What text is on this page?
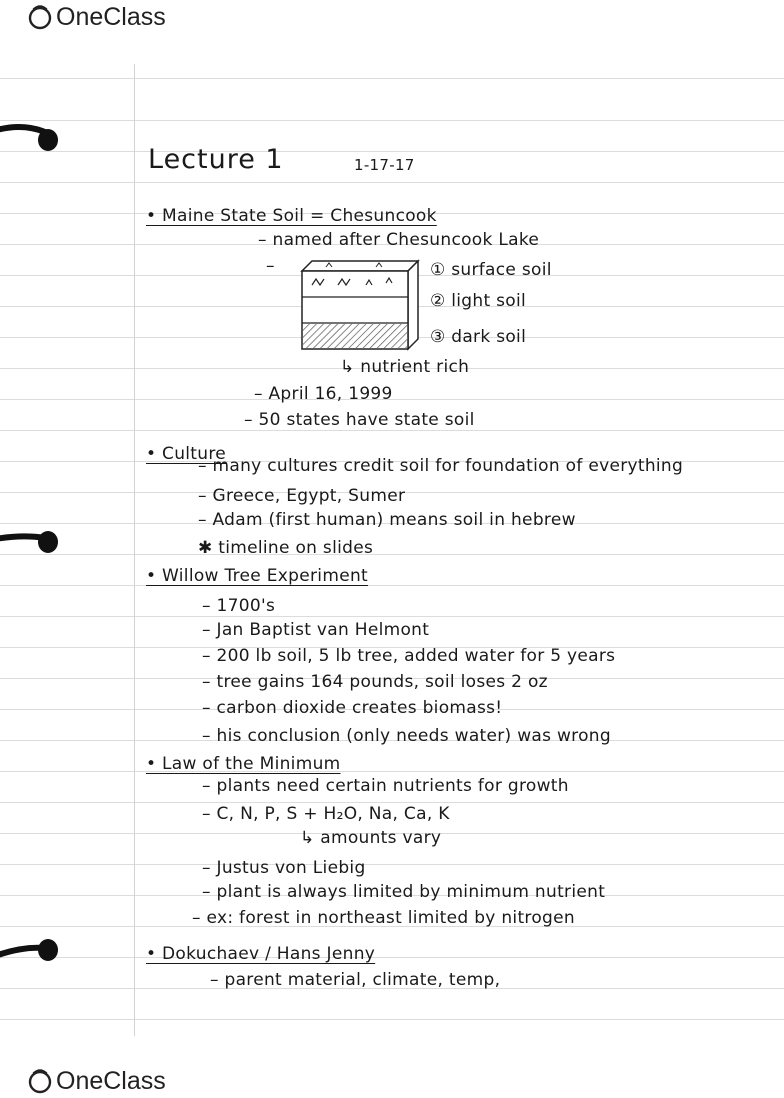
OneClass
Lecture 1	1-17-17
• Maine State Soil = Chesuncook
– named after Chesuncook Lake
–	① surface soil
② light soil
③ dark soil
↳ nutrient rich
– April 16, 1999
– 50 states have state soil
• Culture
– many cultures credit soil for foundation of everything
– Greece, Egypt, Sumer
– Adam (first human) means soil in hebrew
✱ timeline on slides
• Willow Tree Experiment
– 1700's
– Jan Baptist van Helmont
– 200 lb soil, 5 lb tree, added water for 5 years
– tree gains 164 pounds, soil loses 2 oz
– carbon dioxide creates biomass!
– his conclusion (only needs water) was wrong
• Law of the Minimum
– plants need certain nutrients for growth
– C, N, P, S + H₂O, Na, Ca, K
↳ amounts vary
– Justus von Liebig
– plant is always limited by minimum nutrient
– ex: forest in northeast limited by nitrogen
• Dokuchaev / Hans Jenny
– parent material, climate, temp,
OneClass
